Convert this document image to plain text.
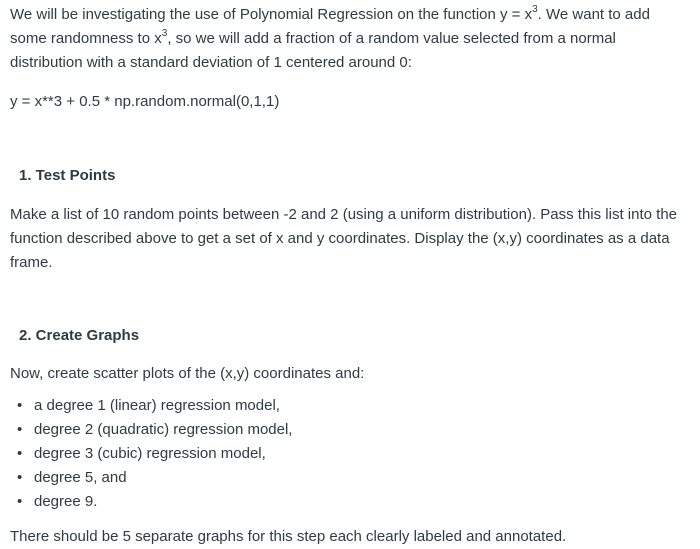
We will be investigating the use of Polynomial Regression on the function $y = x^3$. We want to add some randomness to $x^3$, so we will add a fraction of a random value selected from a normal distribution with a standard deviation of 1 centered around 0:

y = x**3 + 0.5 * np.random.normal(0,1,1)

1. Test Points

Make a list of 10 random points between -2 and 2 (using a uniform distribution). Pass this list into the function described above to get a set of x and y coordinates. Display the (x,y) coordinates as a data frame.

2. Create Graphs

Now, create scatter plots of the (x,y) coordinates and:

• a degree 1 (linear) regression model,
• degree 2 (quadratic) regression model,
• degree 3 (cubic) regression model,
• degree 5, and
• degree 9.

There should be 5 separate graphs for this step each clearly labeled and annotated.
